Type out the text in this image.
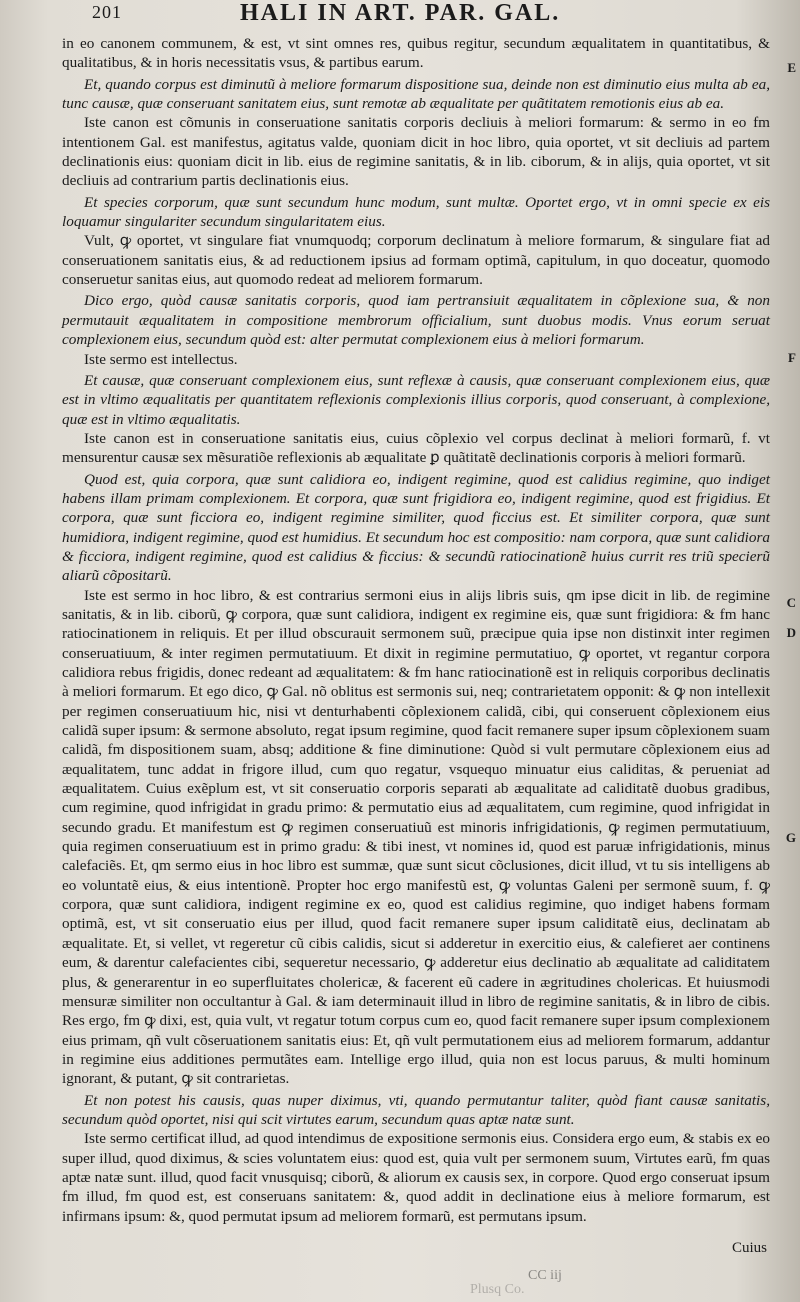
201	HALI IN ART. PAR. GAL.

in eo canonem communem, & est, vt sint omnes res, quibus regitur, secundum æqualitatem in quantitatibus, & qualitatibus, & in horis necessitatis vsus, & partibus earum.

Et, quando corpus est diminutũ à meliore formarum dispositione sua, deinde non est diminutio eius multa ab ea, tunc causæ, quæ conseruant sanitatem eius, sunt remotæ ab æqualitate per quãtitatem remotionis eius ab ea.

Iste canon est cõmunis in conseruatione sanitatis corporis decliuis à meliori formarum: & sermo in eo fm intentionem Gal. est manifestus, agitatus valde, quoniam dicit in hoc libro, quia oportet, vt sit decliuis ad partem declinationis eius: quoniam dicit in lib. eius de regimine sanitatis, & in lib. ciborum, & in alijs, quia oportet, vt sit decliuis ad contrarium partis declinationis eius.

Et species corporum, quæ sunt secundum hunc modum, sunt multæ. Oportet ergo, vt in omni specie ex eis loquamur singulariter secundum singularitatem eius.

Vult, ꝙ oportet, vt singulare fiat vnumquodq; corporum declinatum à meliore formarum, & singulare fiat ad conseruationem sanitatis eius, & ad reductionem ipsius ad formam optimã, capitulum, in quo doceatur, quomodo conseruetur sanitas eius, aut quomodo redeat ad meliorem formarum.

Dico ergo, quòd causæ sanitatis corporis, quod iam pertransiuit æqualitatem in cõplexione sua, & non permutauit æqualitatem in compositione membrorum officialium, sunt duobus modis. Vnus eorum seruat complexionem eius, secundum quòd est: alter permutat complexionem eius à meliori formarum.

Iste sermo est intellectus.

Et causæ, quæ conseruant complexionem eius, sunt reflexæ à causis, quæ conseruant complexionem eius, quæ est in vltimo æqualitatis per quantitatem reflexionis complexionis illius corporis, quod conseruant, à complexione, quæ est in vltimo æqualitatis.

Iste canon est in conseruatione sanitatis eius, cuius cõplexio vel corpus declinat à meliori formarũ, f. vt mensurentur causæ sex mẽsuratiõe reflexionis ab æqualitate ꝑ quãtitatẽ declinationis corporis à meliori formarũ.

Quod est, quia corpora, quæ sunt calidiora eo, indigent regimine, quod est calidius regimine, quo indiget habens illam primam complexionem. Et corpora, quæ sunt frigidiora eo, indigent regimine, quod est frigidius. Et corpora, quæ sunt ficciora eo, indigent regimine similiter, quod ficcius est. Et similiter corpora, quæ sunt humidiora, indigent regimine, quod est humidius. Et secundum hoc est compositio: nam corpora, quæ sunt calidiora & ficciora, indigent regimine, quod est calidius & ficcius: & secundũ ratiocinationẽ huius currit res triũ specierũ aliarũ cõpositarũ.

Iste est sermo in hoc libro, & est contrarius sermoni eius in alijs libris suis, qm ipse dicit in lib. de regimine sanitatis, & in lib. ciborũ, ꝙ corpora, quæ sunt calidiora, indigent ex regimine eis, quæ sunt frigidiora: & fm hanc ratiocinationem in reliquis. Et per illud obscurauit sermonem suũ, præcipue quia ipse non distinxit inter regimen conseruatiuum, & inter regimen permutatiuum. Et dixit in regimine permutatiuo, ꝙ oportet, vt regantur corpora calidiora rebus frigidis, donec redeant ad æqualitatem: & fm hanc ratiocinationẽ est in reliquis corporibus declinatis à meliori formarum. Et ego dico, ꝙ Gal. nõ oblitus est sermonis sui, neq; contrarietatem opponit: & ꝙ non intellexit per regimen conseruatiuum hic, nisi vt denturhabenti cõplexionem calidã, cibi, qui conseruent cõplexionem eius calidã super ipsum: & sermone absoluto, regat ipsum regimine, quod facit remanere super ipsum cõplexionem suam calidã, fm dispositionem suam, absq; additione & fine diminutione: Quòd si vult permutare cõplexionem eius ad æqualitatem, tunc addat in frigore illud, cum quo regatur, vsquequo minuatur eius caliditas, & perueniat ad æqualitatem. Cuius exẽplum est, vt sit conseruatio corporis separati ab æqualitate ad caliditatẽ duobus gradibus, cum regimine, quod infrigidat in gradu primo: & permutatio eius ad æqualitatem, cum regimine, quod infrigidat in secundo gradu. Et manifestum est ꝙ regimen conseruatiuũ est minoris infrigidationis, ꝙ regimen permutatiuum, quia regimen conseruatiuum est in primo gradu: & tibi inest, vt nomines id, quod est paruæ infrigidationis, minus calefaciẽs. Et, qm sermo eius in hoc libro est summæ, quæ sunt sicut cõclusiones, dicit illud, vt tu sis intelligens ab eo voluntatẽ eius, & eius intentionẽ. Propter hoc ergo manifestũ est, ꝙ voluntas Galeni per sermonẽ suum, f. ꝙ corpora, quæ sunt calidiora, indigent regimine ex eo, quod est calidius regimine, quo indiget habens formam optimã, est, vt sit conseruatio eius per illud, quod facit remanere super ipsum caliditatẽ eius, declinatam ab æqualitate. Et, si vellet, vt regeretur cũ cibis calidis, sicut si adderetur in exercitio eius, & calefieret aer continens eum, & darentur calefacientes cibi, sequeretur necessario, ꝙ adderetur eius declinatio ab æqualitate ad caliditatem plus, & generarentur in eo superfluitates cholericæ, & facerent eũ cadere in ægritudines cholericas. Et huiusmodi mensuræ similiter non occultantur à Gal. & iam determinauit illud in libro de regimine sanitatis, & in libro de cibis. Res ergo, fm ꝙ dixi, est, quia vult, vt regatur totum corpus cum eo, quod facit remanere super ipsum complexionem eius primam, qñ vult cõseruationem sanitatis eius: Et, qñ vult permutationem eius ad meliorem formarum, addantur in regimine eius additiones permutãtes eam. Intellige ergo illud, quia non est locus paruus, & multi hominum ignorant, & putant, ꝙ sit contrarietas.

Et non potest his causis, quas nuper diximus, vti, quando permutantur taliter, quòd fiant causæ sanitatis, secundum quòd oportet, nisi qui scit virtutes earum, secundum quas aptæ natæ sunt.

Iste sermo certificat illud, ad quod intendimus de expositione sermonis eius. Considera ergo eum, & stabis ex eo super illud, quod diximus, & scies voluntatem eius: quod est, quia vult per sermonem suum, Virtutes earũ, fm quas aptæ natæ sunt. illud, quod facit vnusquisq; ciborũ, & aliorum ex causis sex, in corpore. Quod ergo conseruat ipsum fm illud, fm quod est, est conseruans sanitatem: &, quod addit in declinatione eius à meliore formarum, est infirmans ipsum: &, quod permutat ipsum ad meliorem formarũ, est permutans ipsum.

E
F
C
D
G
Cuius
CC iij
Plusq Co.
